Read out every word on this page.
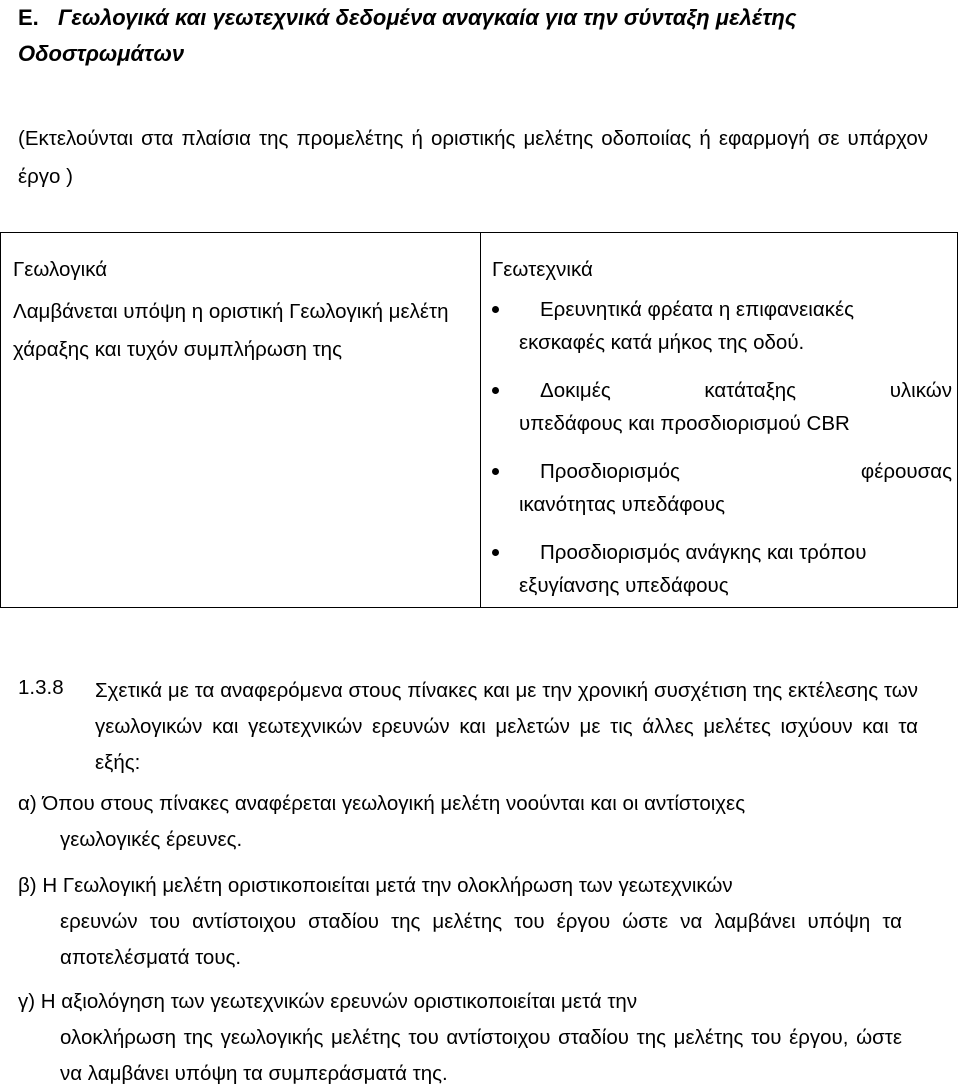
E. Γεωλογικά και γεωτεχνικά δεδομένα αναγκαία για την σύνταξη μελέτης Οδοστρωμάτων
(Εκτελούνται στα πλαίσια της προμελέτης ή οριστικής μελέτης οδοποιίας ή εφαρμογή σε υπάρχον έργο )
Γεωλογικά
Λαμβάνεται υπόψη η οριστική Γεωλογική μελέτη χάραξης και τυχόν συμπλήρωση της
Γεωτεχνικά
Ερευνητικά φρέατα η επιφανειακές
εκσκαφές κατά μήκος της οδού.
Δοκιμές	κατάταξης	υλικών
υπεδάφους και προσδιορισμού CBR
Προσδιορισμός	φέρουσας
ικανότητας υπεδάφους
Προσδιορισμός ανάγκης και τρόπου
εξυγίανσης υπεδάφους
1.3.8 Σχετικά με τα αναφερόμενα στους πίνακες και με την χρονική συσχέτιση της εκτέλεσης των γεωλογικών και γεωτεχνικών ερευνών και μελετών με τις άλλες μελέτες ισχύουν και τα εξής:
α) Όπου στους πίνακες αναφέρεται γεωλογική μελέτη νοούνται και οι αντίστοιχες
γεωλογικές έρευνες.
β) Η Γεωλογική μελέτη οριστικοποιείται μετά την ολοκλήρωση των γεωτεχνικών
ερευνών του αντίστοιχου σταδίου της μελέτης του έργου ώστε να λαμβάνει υπόψη τα αποτελέσματά τους.
γ) Η αξιολόγηση των γεωτεχνικών ερευνών οριστικοποιείται μετά την
ολοκλήρωση της γεωλογικής μελέτης του αντίστοιχου σταδίου της μελέτης του έργου, ώστε να λαμβάνει υπόψη τα συμπεράσματά της.
